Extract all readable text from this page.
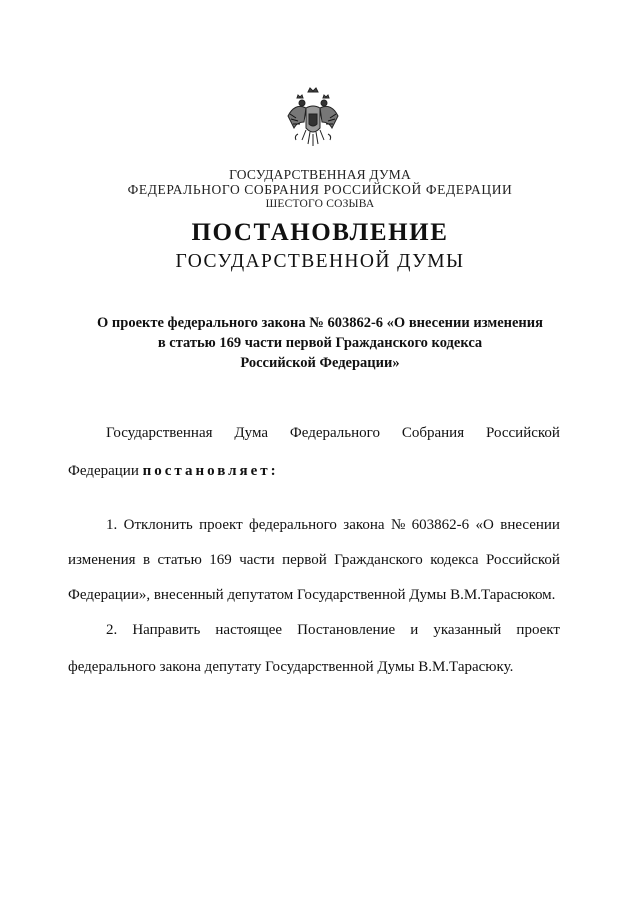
ГОСУДАРСТВЕННАЯ ДУМА
ФЕДЕРАЛЬНОГО СОБРАНИЯ РОССИЙСКОЙ ФЕДЕРАЦИИ
ШЕСТОГО СОЗЫВА
ПОСТАНОВЛЕНИЕ
ГОСУДАРСТВЕННОЙ ДУМЫ
О проекте федерального закона № 603862-6 «О внесении изменения
в статью 169 части первой Гражданского кодекса
Российской Федерации»
Государственная Дума Федерального Собрания Российской
Федерации постановляет:
1. Отклонить проект федерального закона № 603862-6 «О внесении
изменения в статью 169 части первой Гражданского кодекса Российской
Федерации», внесенный депутатом Государственной Думы В.М.Тарасюком.
2. Направить настоящее Постановление и указанный проект
федерального закона депутату Государственной Думы В.М.Тарасюку.
